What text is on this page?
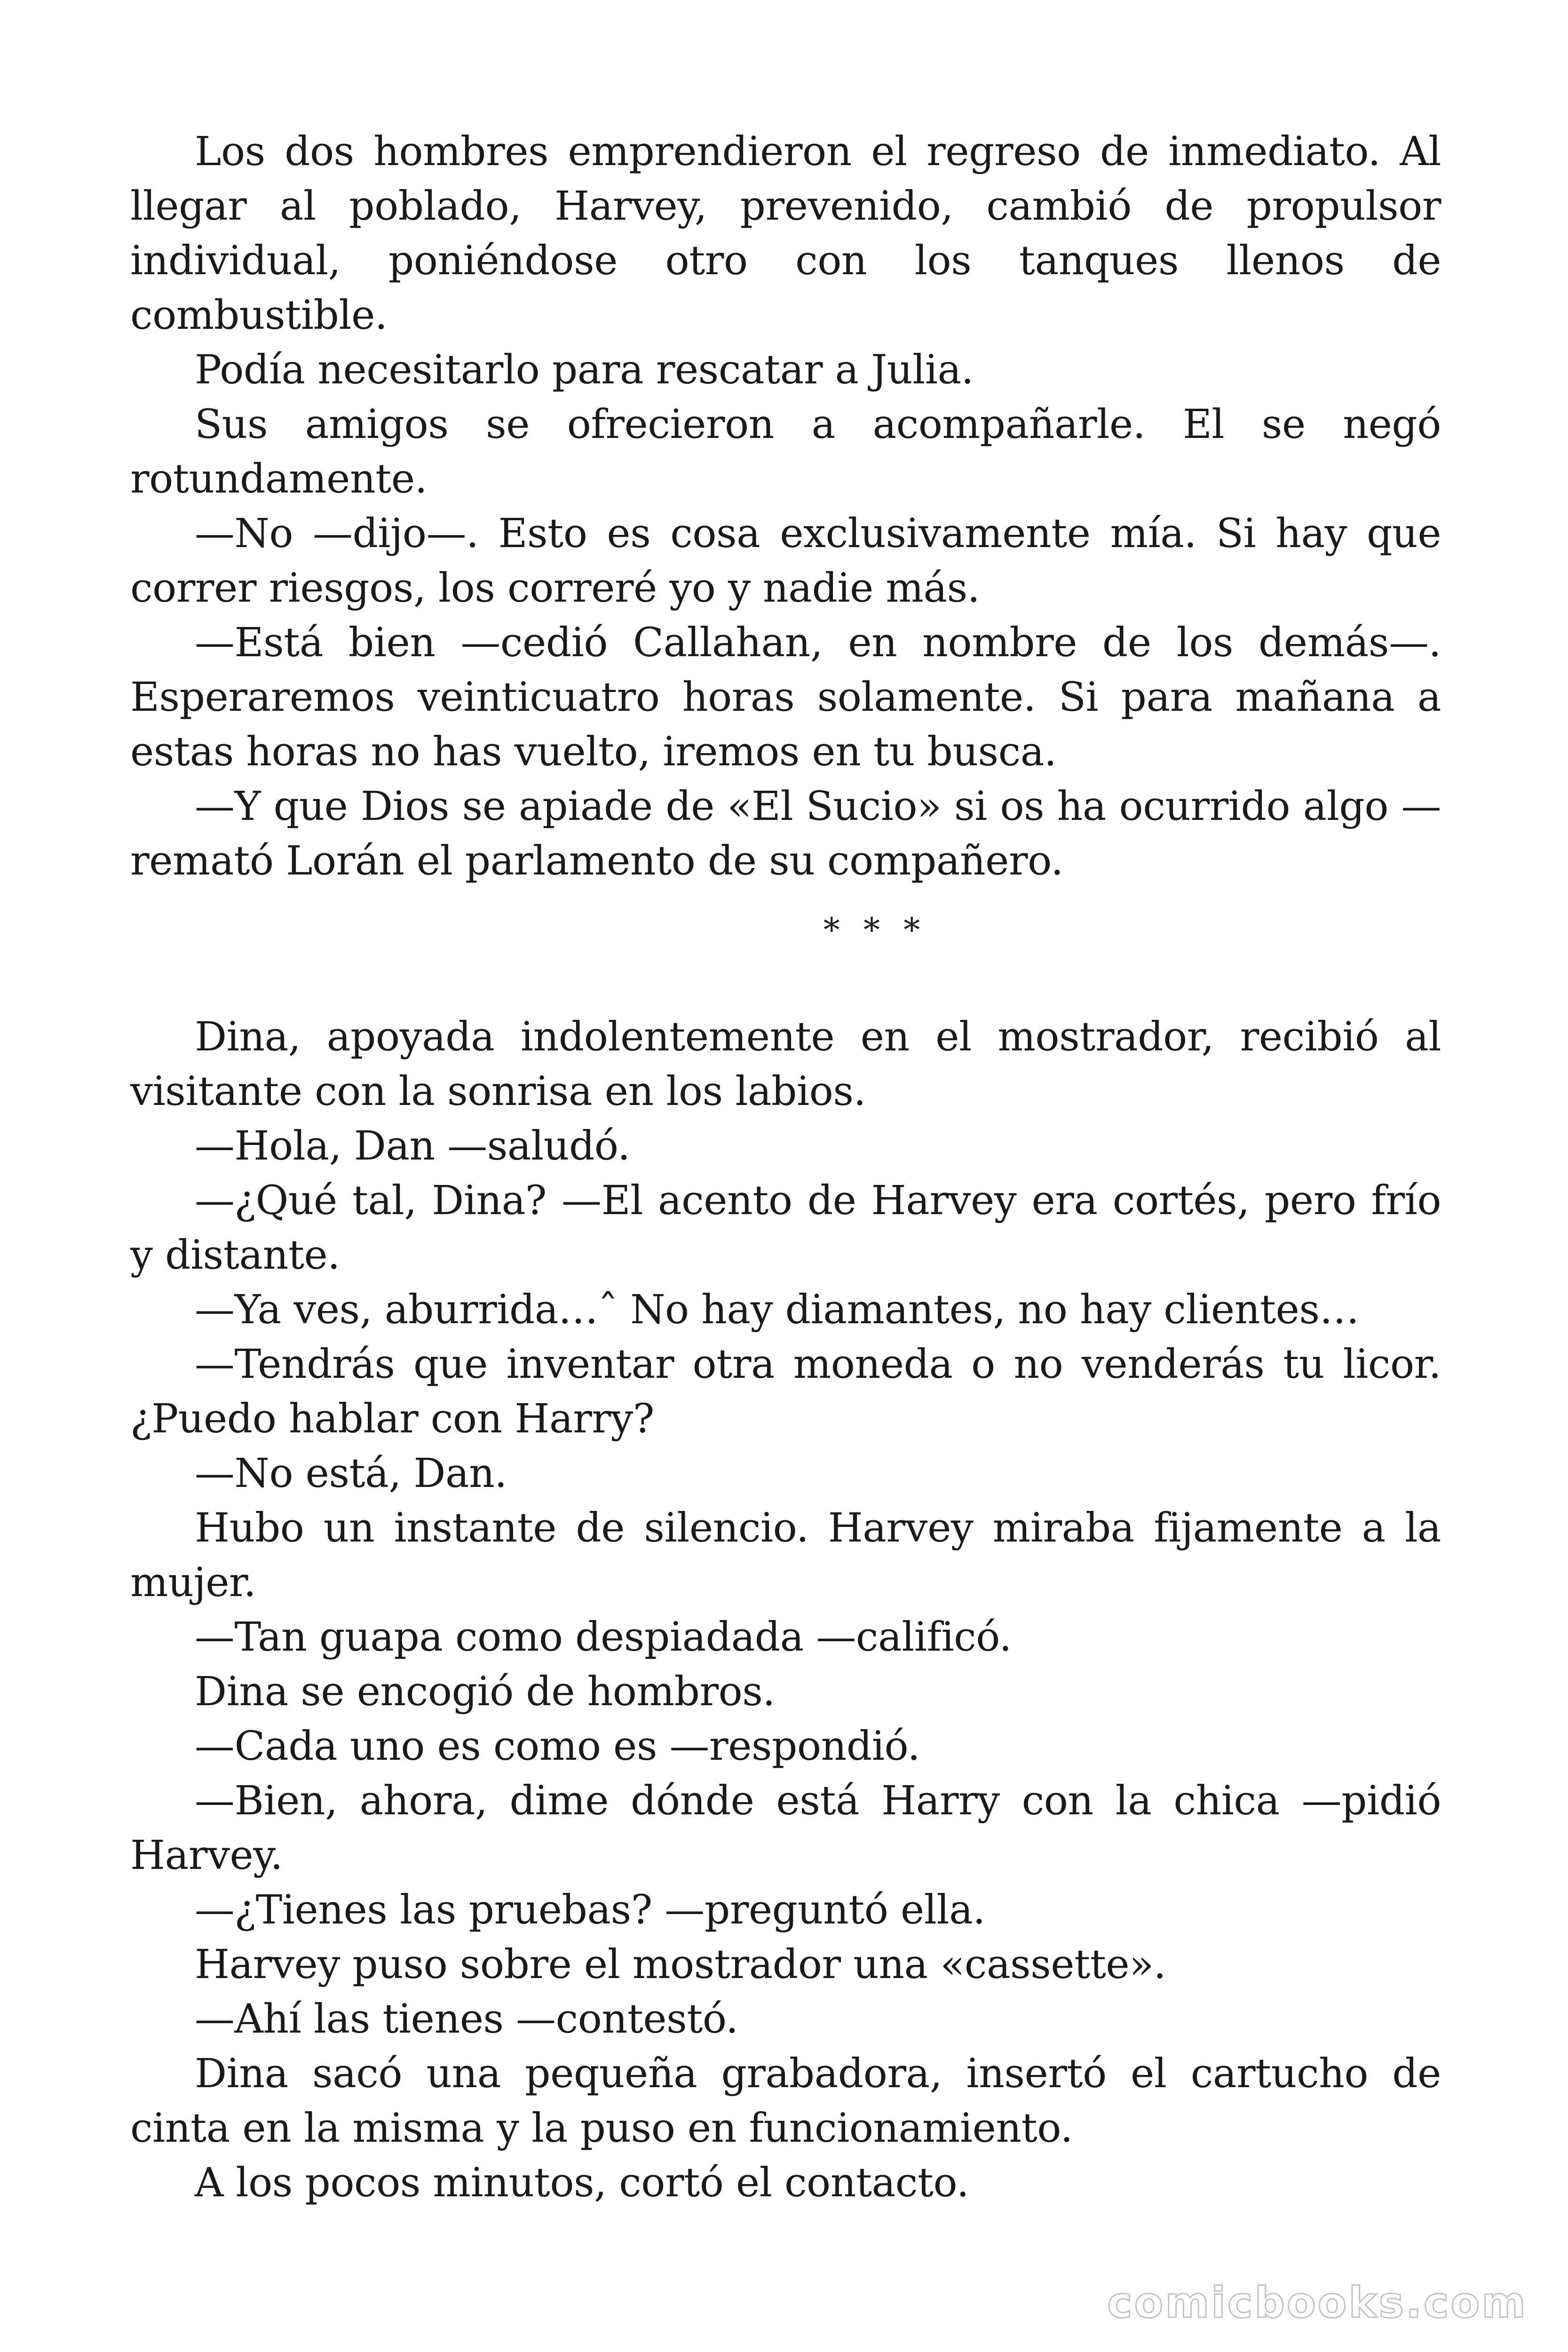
Los dos hombres emprendieron el regreso de inmediato. Al llegar al poblado, Harvey, prevenido, cambió de propulsor individual, poniéndose otro con los tanques llenos de combustible.

Podía necesitarlo para rescatar a Julia.

Sus amigos se ofrecieron a acompañarle. El se negó rotundamente.

—No —dijo—. Esto es cosa exclusivamente mía. Si hay que correr riesgos, los correré yo y nadie más.

—Está bien —cedió Callahan, en nombre de los demás—. Esperaremos veinticuatro horas solamente. Si para mañana a estas horas no has vuelto, iremos en tu busca.

—Y que Dios se apiade de «El Sucio» si os ha ocurrido algo —rematό Lorán el parlamento de su compañero.

* * *

Dina, apoyada indolentemente en el mostrador, recibió al visitante con la sonrisa en los labios.

—Hola, Dan —saludó.

—¿Qué tal, Dina? —El acento de Harvey era cortés, pero frío y distante.

—Ya ves, aburrida…ˆ No hay diamantes, no hay clientes…

—Tendrás que inventar otra moneda o no venderás tu licor. ¿Puedo hablar con Harry?

—No está, Dan.

Hubo un instante de silencio. Harvey miraba fijamente a la mujer.

—Tan guapa como despiadada —calificó.

Dina se encogió de hombros.

—Cada uno es como es —respondió.

—Bien, ahora, dime dónde está Harry con la chica —pidió Harvey.

—¿Tienes las pruebas? —preguntó ella.

Harvey puso sobre el mostrador una «cassette».

—Ahí las tienes —contestó.

Dina sacó una pequeña grabadora, insertó el cartucho de cinta en la misma y la puso en funcionamiento.

A los pocos minutos, cortó el contacto.

comicbooks.com
